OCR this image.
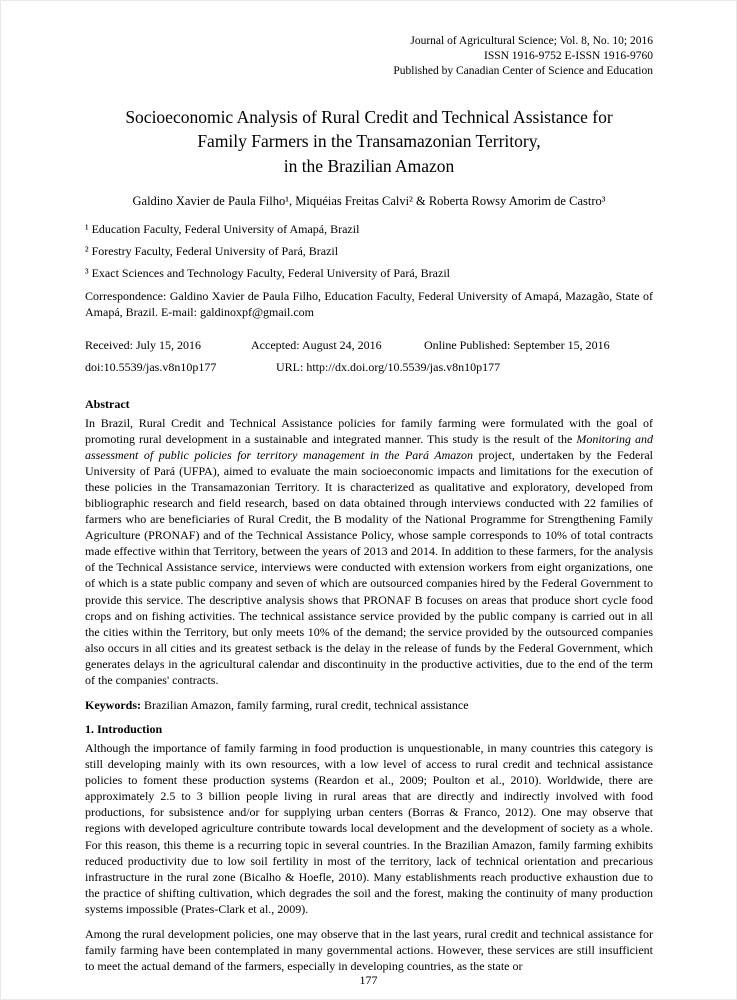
Journal of Agricultural Science; Vol. 8, No. 10; 2016
ISSN 1916-9752 E-ISSN 1916-9760
Published by Canadian Center of Science and Education
Socioeconomic Analysis of Rural Credit and Technical Assistance for
Family Farmers in the Transamazonian Territory,
in the Brazilian Amazon
Galdino Xavier de Paula Filho¹, Miquéias Freitas Calvi² & Roberta Rowsy Amorim de Castro³
¹ Education Faculty, Federal University of Amapá, Brazil
² Forestry Faculty, Federal University of Pará, Brazil
³ Exact Sciences and Technology Faculty, Federal University of Pará, Brazil

Correspondence: Galdino Xavier de Paula Filho, Education Faculty, Federal University of Amapá, Mazagão, State of Amapá, Brazil. E-mail: galdinoxpf@gmail.com

Received: July 15, 2016	Accepted: August 24, 2016	Online Published: September 15, 2016
doi:10.5539/jas.v8n10p177	URL: http://dx.doi.org/10.5539/jas.v8n10p177
Abstract

In Brazil, Rural Credit and Technical Assistance policies for family farming were formulated with the goal of promoting rural development in a sustainable and integrated manner. This study is the result of the Monitoring and assessment of public policies for territory management in the Pará Amazon project, undertaken by the Federal University of Pará (UFPA), aimed to evaluate the main socioeconomic impacts and limitations for the execution of these policies in the Transamazonian Territory. It is characterized as qualitative and exploratory, developed from bibliographic research and field research, based on data obtained through interviews conducted with 22 families of farmers who are beneficiaries of Rural Credit, the B modality of the National Programme for Strengthening Family Agriculture (PRONAF) and of the Technical Assistance Policy, whose sample corresponds to 10% of total contracts made effective within that Territory, between the years of 2013 and 2014. In addition to these farmers, for the analysis of the Technical Assistance service, interviews were conducted with extension workers from eight organizations, one of which is a state public company and seven of which are outsourced companies hired by the Federal Government to provide this service. The descriptive analysis shows that PRONAF B focuses on areas that produce short cycle food crops and on fishing activities. The technical assistance service provided by the public company is carried out in all the cities within the Territory, but only meets 10% of the demand; the service provided by the outsourced companies also occurs in all cities and its greatest setback is the delay in the release of funds by the Federal Government, which generates delays in the agricultural calendar and discontinuity in the productive activities, due to the end of the term of the companies' contracts.

Keywords: Brazilian Amazon, family farming, rural credit, technical assistance

1. Introduction

Although the importance of family farming in food production is unquestionable, in many countries this category is still developing mainly with its own resources, with a low level of access to rural credit and technical assistance policies to foment these production systems (Reardon et al., 2009; Poulton et al., 2010). Worldwide, there are approximately 2.5 to 3 billion people living in rural areas that are directly and indirectly involved with food productions, for subsistence and/or for supplying urban centers (Borras & Franco, 2012). One may observe that regions with developed agriculture contribute towards local development and the development of society as a whole. For this reason, this theme is a recurring topic in several countries. In the Brazilian Amazon, family farming exhibits reduced productivity due to low soil fertility in most of the territory, lack of technical orientation and precarious infrastructure in the rural zone (Bicalho & Hoefle, 2010). Many establishments reach productive exhaustion due to the practice of shifting cultivation, which degrades the soil and the forest, making the continuity of many production systems impossible (Prates-Clark et al., 2009).

Among the rural development policies, one may observe that in the last years, rural credit and technical assistance for family farming have been contemplated in many governmental actions. However, these services are still insufficient to meet the actual demand of the farmers, especially in developing countries, as the state or

177
